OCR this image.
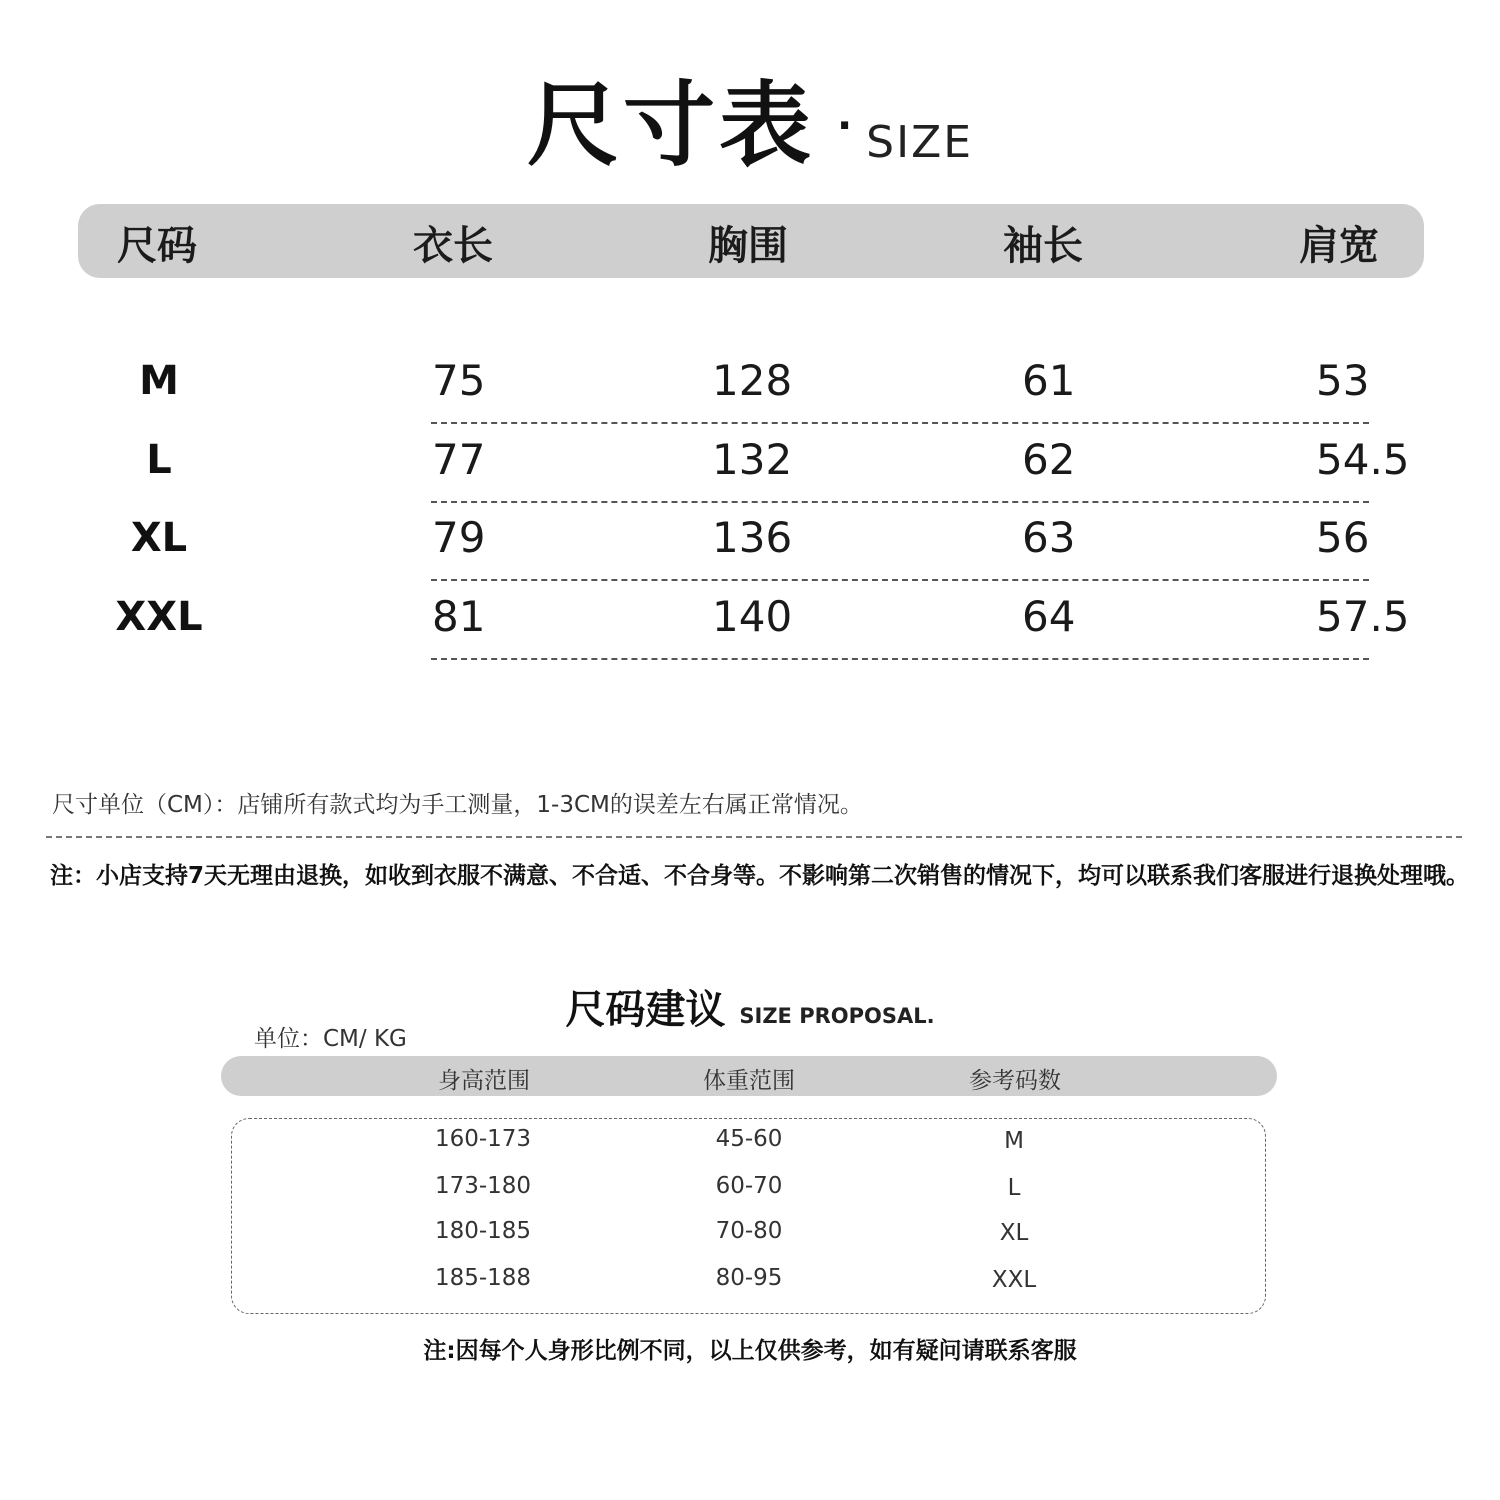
尺寸表 · SIZE
尺码	衣长	胸围	袖长	肩宽
M	75	128	61	53
L	77	132	62	54.5
XL	79	136	63	56
XXL	81	140	64	57.5
尺寸单位（CM）：店铺所有款式均为手工测量，1-3CM的误差左右属正常情况。
注：小店支持7天无理由退换，如收到衣服不满意、不合适、不合身等。不影响第二次销售的情况下，均可以联系我们客服进行退换处理哦。
尺码建议 SIZE PROPOSAL.
单位：CM/ KG
身高范围	体重范围	参考码数
160-173	45-60	M
173-180	60-70	L
180-185	70-80	XL
185-188	80-95	XXL
注:因每个人身形比例不同，以上仅供参考，如有疑问请联系客服
